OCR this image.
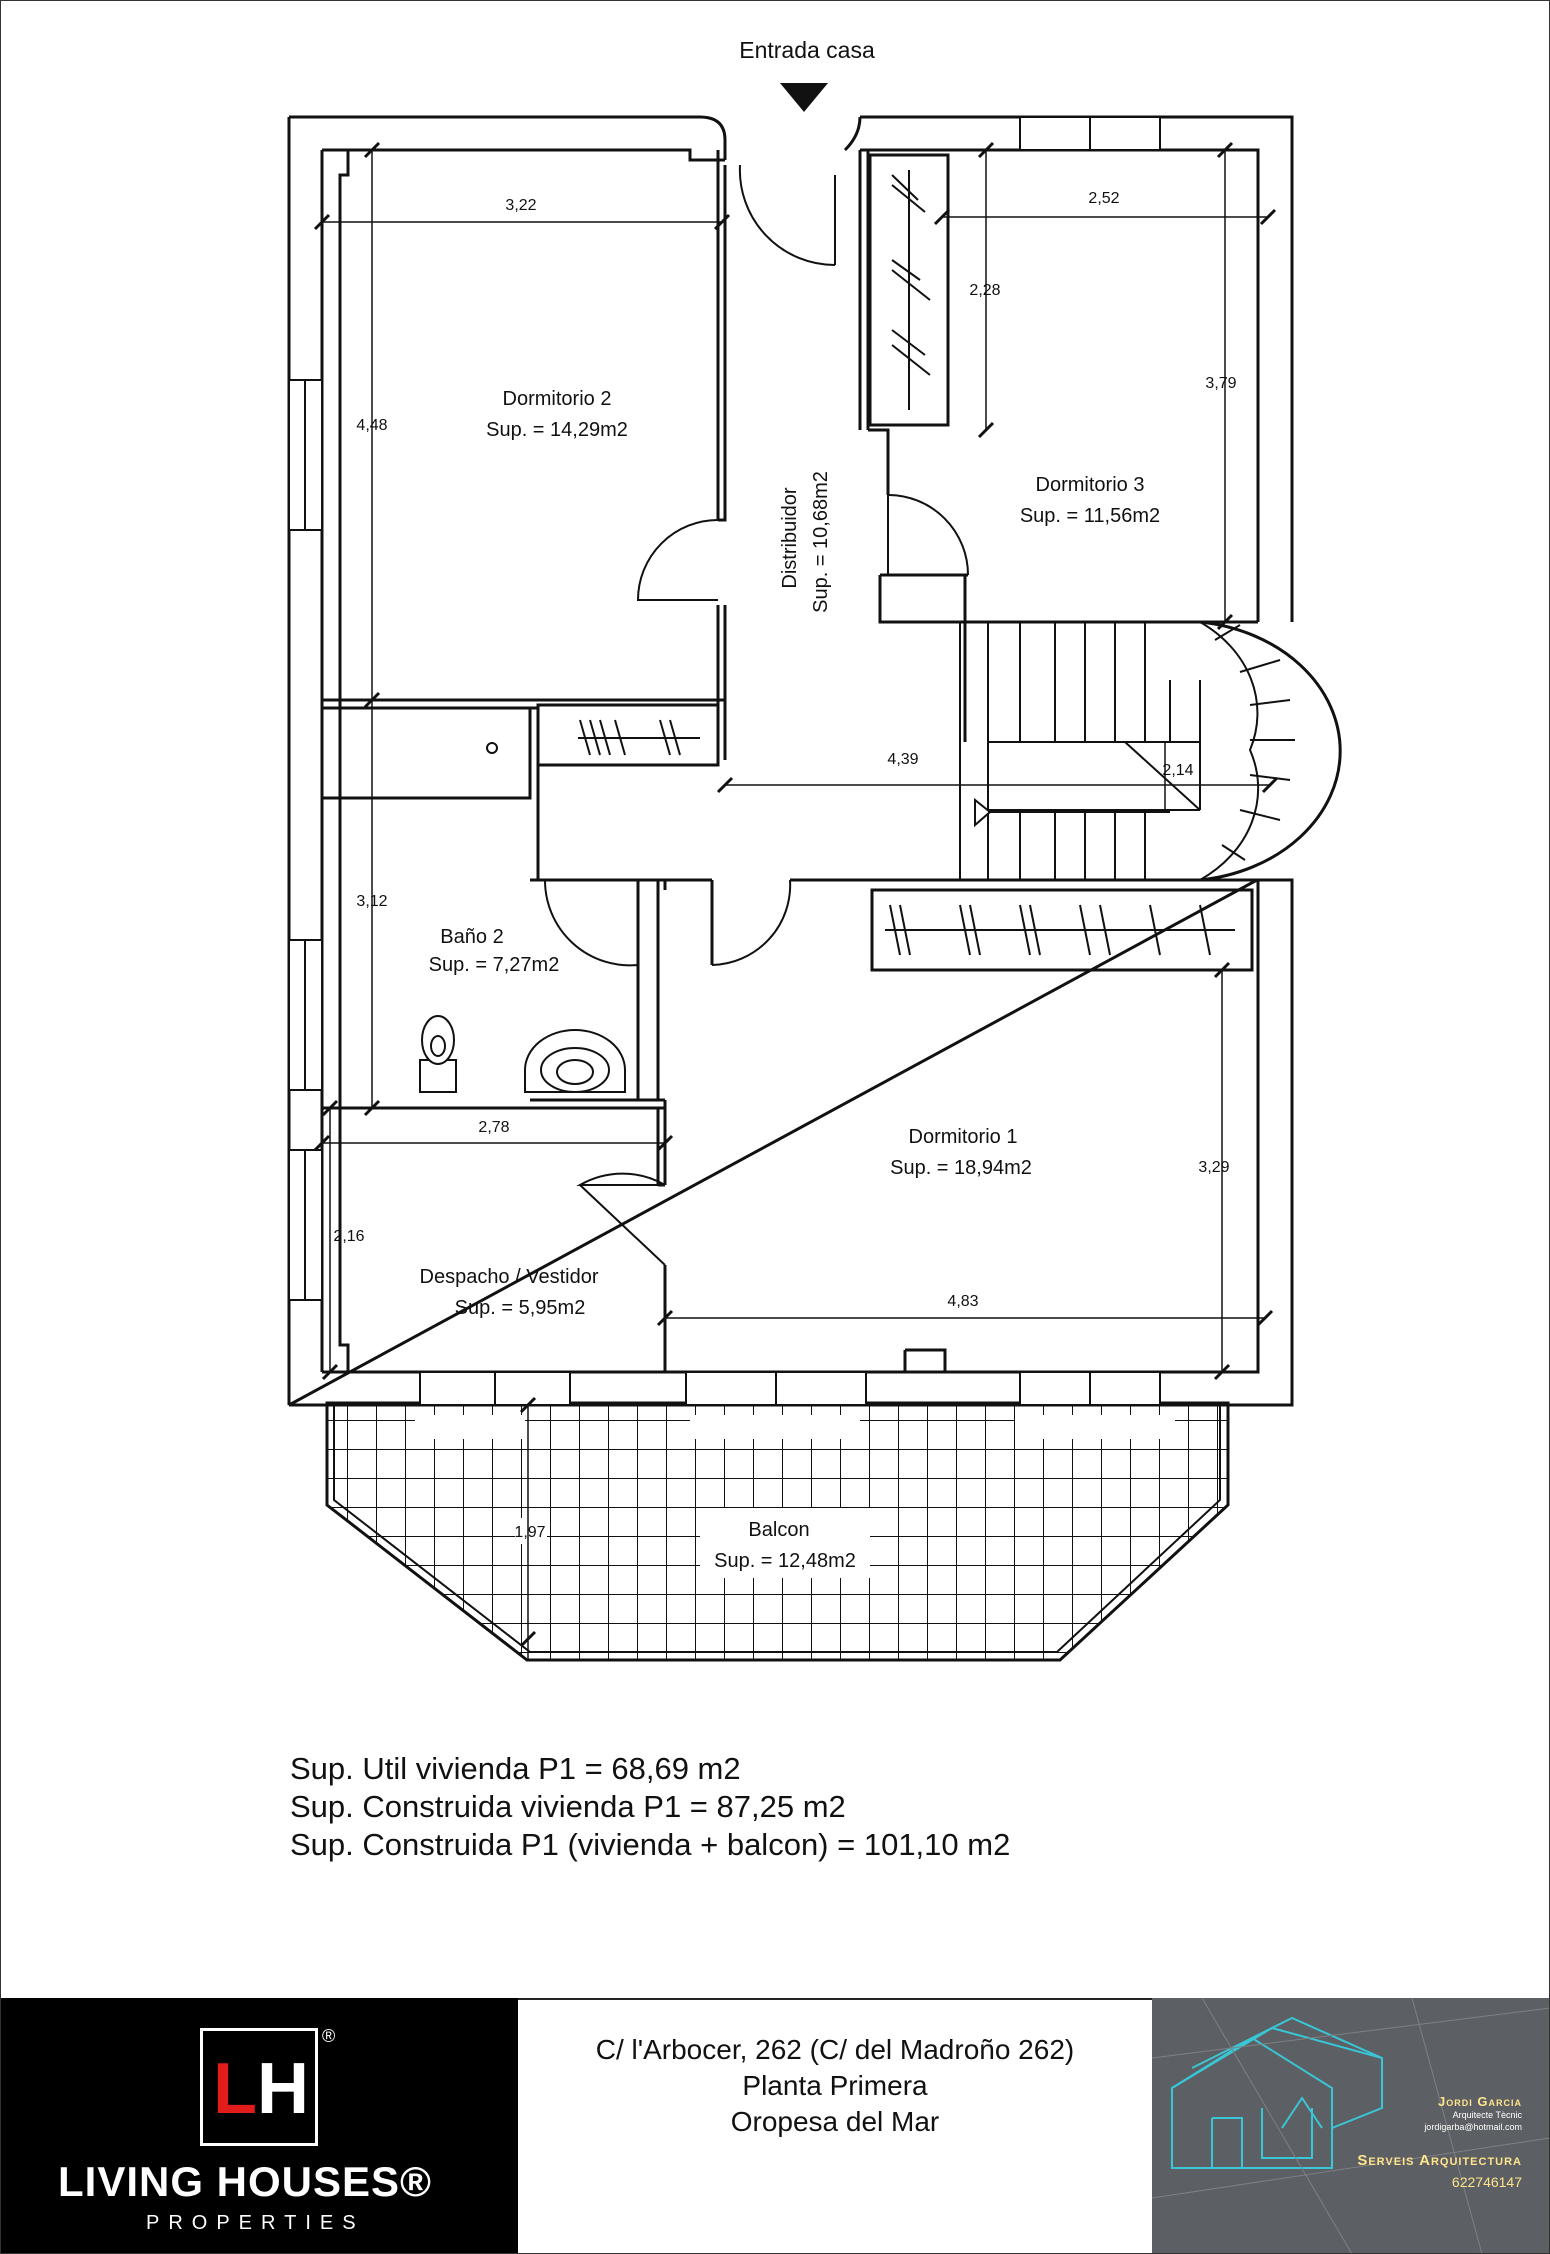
Entrada casa
3,22
4,48
2,52
2,28
3,79
4,39
2,14
3,12
2,78
2,16
3,29
4,83
1,97
Dormitorio 2
Sup. = 14,29m2
Dormitorio 3
Sup. = 11,56m2
Distribuidor Sup. = 10,68m2
Baño 2
Sup. = 7,27m2
Dormitorio 1
Sup. = 18,94m2
Despacho / Vestidor
Sup. = 5,95m2
Balcon
Sup. = 12,48m2
Sup. Util vivienda P1 = 68,69 m2
Sup. Construida vivienda P1 = 87,25 m2
Sup. Construida P1 (vivienda + balcon) = 101,10 m2
L H
®
LIVING HOUSES®
PROPERTIES
C/ l'Arbocer, 262 (C/ del Madroño 262)
Planta Primera
Oropesa del Mar
Jordi Garcia
Arquitecte Tècnic
jordigarba@hotmail.com
Serveis Arquitectura
622746147
